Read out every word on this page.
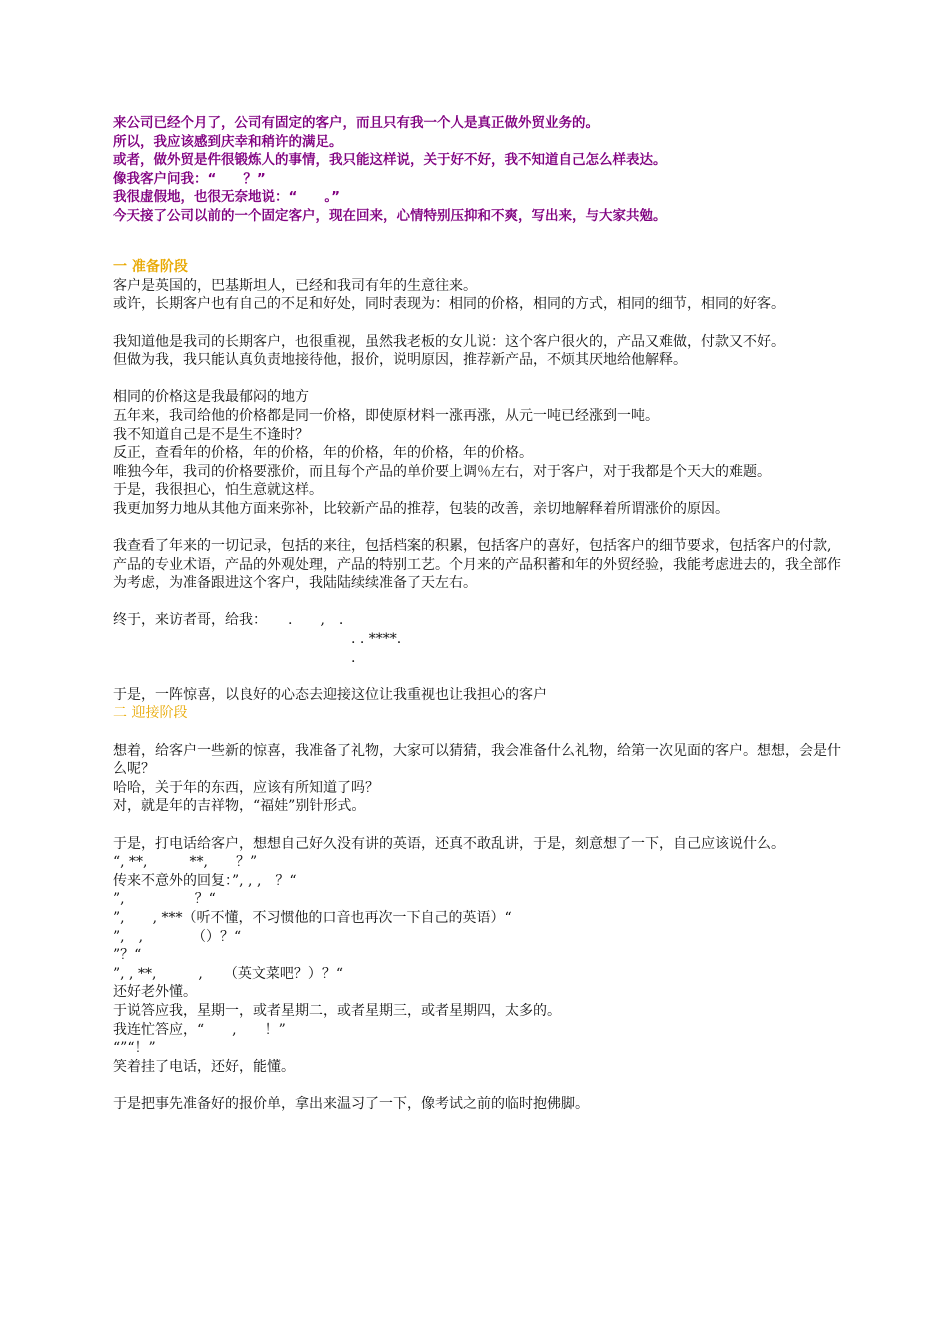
来公司已经个月了，公司有固定的客户，而且只有我一个人是真正做外贸业务的。

所以，我应该感到庆幸和稍许的满足。

或者，做外贸是件很锻炼人的事情，我只能这样说，关于好不好，我不知道自己怎么样表达。

像我客户问我：“　　？”

我很虚假地，也很无奈地说：“　　。”

今天接了公司以前的一个固定客户，现在回来，心情特别压抑和不爽，写出来，与大家共勉。

一 准备阶段

客户是英国的，巴基斯坦人，已经和我司有年的生意往来。

或许，长期客户也有自己的不足和好处，同时表现为：相同的价格，相同的方式，相同的细节，相同的好客。

我知道他是我司的长期客户，也很重视，虽然我老板的女儿说：这个客户很火的，产品又难做，付款又不好。

但做为我，我只能认真负责地接待他，报价，说明原因，推荐新产品，不烦其厌地给他解释。

相同的价格这是我最郁闷的地方

五年来，我司给他的价格都是同一价格，即使原材料一涨再涨，从元一吨已经涨到一吨。

我不知道自己是不是生不逢时？

反正，查看年的价格，年的价格，年的价格，年的价格，年的价格。

唯独今年，我司的价格要涨价，而且每个产品的单价要上调％左右，对于客户，对于我都是个天大的难题。

于是，我很担心，怕生意就这样。

我更加努力地从其他方面来弥补，比较新产品的推荐，包装的改善，亲切地解释着所谓涨价的原因。

我查看了年来的一切记录，包括的来往，包括档案的积累，包括客户的喜好，包括客户的细节要求，包括客户的付款,产品的专业术语，产品的外观处理，产品的特别工艺。个月来的产品积蓄和年的外贸经验，我能考虑进去的，我全部作为考虑，为准备跟进这个客户，我陆陆续续准备了天左右。

终于，来访者哥，给我：　　.　　,　.

　　　　　　　　　　　　　　　　　. . ****.

　　　　　　　　　　　　　　　　　.

于是，一阵惊喜，以良好的心态去迎接这位让我重视也让我担心的客户

二 迎接阶段

想着，给客户一些新的惊喜，我准备了礼物，大家可以猜猜，我会准备什么礼物，给第一次见面的客户。想想，会是什么呢？

哈哈，关于年的东西，应该有所知道了吗？

对，就是年的吉祥物，“福娃”别针形式。

于是，打电话给客户，想想自己好久没有讲的英语，还真不敢乱讲，于是，刻意想了一下，自己应该说什么。

“, **,　　　**,　　？”

传来不意外的回复：”, , ,　？“

”,　　　　　？“

”,　　, ***（听不懂，不习惯他的口音也再次一下自己的英语）“

”,　,　　　　（）？“

”？“

”, , **,　　　,　　（英文菜吧？）？“

还好老外懂。

于说答应我，星期一，或者星期二，或者星期三，或者星期四，太多的。

我连忙答应，“　　,　　！”

“”“！”

笑着挂了电话，还好，能懂。

于是把事先准备好的报价单，拿出来温习了一下，像考试之前的临时抱佛脚。
